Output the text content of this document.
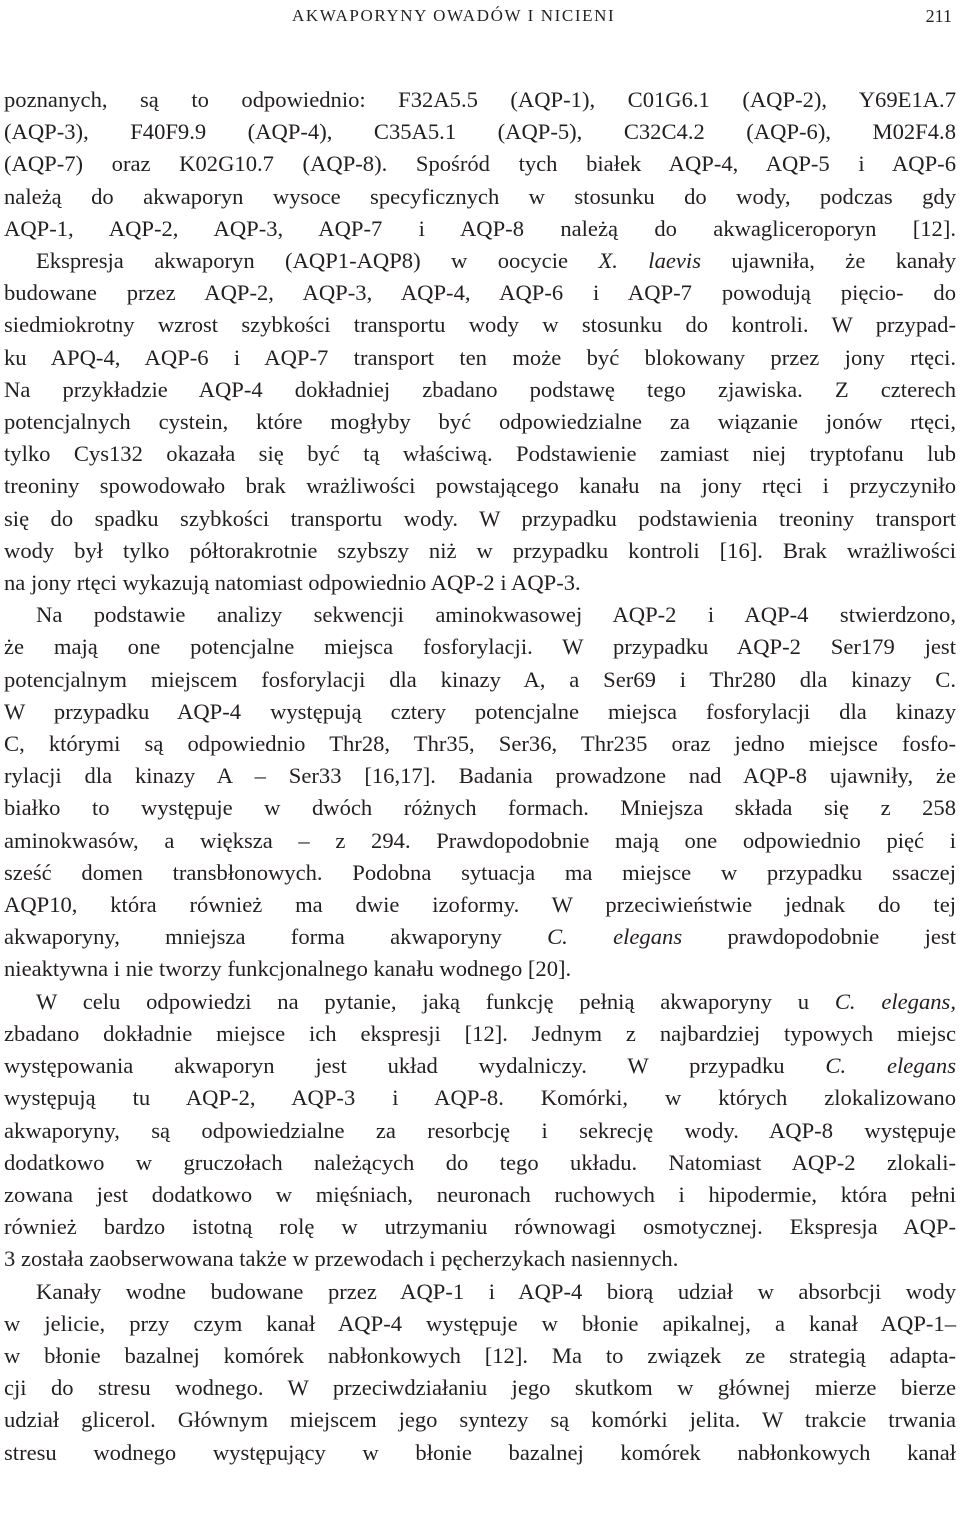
AKWAPORYNY OWADÓW I NICIENI	211

poznanych, są to odpowiednio: F32A5.5 (AQP-1), C01G6.1 (AQP-2), Y69E1A.7

(AQP-3), F40F9.9 (AQP-4), C35A5.1 (AQP-5), C32C4.2 (AQP-6), M02F4.8

(AQP-7) oraz K02G10.7 (AQP-8). Spośród tych białek AQP-4, AQP-5 i AQP-6

należą do akwaporyn wysoce specyficznych w stosunku do wody, podczas gdy

AQP-1, AQP-2, AQP-3, AQP-7 i AQP-8 należą do akwagliceroporyn [12].

Ekspresja akwaporyn (AQP1-AQP8) w oocycie X. laevis ujawniła, że kanały

budowane przez AQP-2, AQP-3, AQP-4, AQP-6 i AQP-7 powodują pięcio- do

siedmiokrotny wzrost szybkości transportu wody w stosunku do kontroli. W przypad-

ku APQ-4, AQP-6 i AQP-7 transport ten może być blokowany przez jony rtęci.

Na przykładzie AQP-4 dokładniej zbadano podstawę tego zjawiska. Z czterech

potencjalnych cystein, które mogłyby być odpowiedzialne za wiązanie jonów rtęci,

tylko Cys132 okazała się być tą właściwą. Podstawienie zamiast niej tryptofanu lub

treoniny spowodowało brak wrażliwości powstającego kanału na jony rtęci i przyczyniło

się do spadku szybkości transportu wody. W przypadku podstawienia treoniny transport

wody był tylko półtorakrotnie szybszy niż w przypadku kontroli [16]. Brak wrażliwości

na jony rtęci wykazują natomiast odpowiednio AQP-2 i AQP-3.

Na podstawie analizy sekwencji aminokwasowej AQP-2 i AQP-4 stwierdzono,

że mają one potencjalne miejsca fosforylacji. W przypadku AQP-2 Ser179 jest

potencjalnym miejscem fosforylacji dla kinazy A, a Ser69 i Thr280 dla kinazy C.

W przypadku AQP-4 występują cztery potencjalne miejsca fosforylacji dla kinazy

C, którymi są odpowiednio Thr28, Thr35, Ser36, Thr235 oraz jedno miejsce fosfo-

rylacji dla kinazy A – Ser33 [16,17]. Badania prowadzone nad AQP-8 ujawniły, że

białko to występuje w dwóch różnych formach. Mniejsza składa się z 258

aminokwasów, a większa – z 294. Prawdopodobnie mają one odpowiednio pięć i

sześć domen transbłonowych. Podobna sytuacja ma miejsce w przypadku ssaczej

AQP10, która również ma dwie izoformy. W przeciwieństwie jednak do tej

akwaporyny, mniejsza forma akwaporyny C. elegans prawdopodobnie jest

nieaktywna i nie tworzy funkcjonalnego kanału wodnego [20].

W celu odpowiedzi na pytanie, jaką funkcję pełnią akwaporyny u C. elegans,

zbadano dokładnie miejsce ich ekspresji [12]. Jednym z najbardziej typowych miejsc

występowania akwaporyn jest układ wydalniczy. W przypadku C. elegans

występują tu AQP-2, AQP-3 i AQP-8. Komórki, w których zlokalizowano

akwaporyny, są odpowiedzialne za resorbcję i sekrecję wody. AQP-8 występuje

dodatkowo w gruczołach należących do tego układu. Natomiast AQP-2 zlokali-

zowana jest dodatkowo w mięśniach, neuronach ruchowych i hipodermie, która pełni

również bardzo istotną rolę w utrzymaniu równowagi osmotycznej. Ekspresja AQP-

3 została zaobserwowana także w przewodach i pęcherzykach nasiennych.

Kanały wodne budowane przez AQP-1 i AQP-4 biorą udział w absorbcji wody

w jelicie, przy czym kanał AQP-4 występuje w błonie apikalnej, a kanał AQP-1–

w błonie bazalnej komórek nabłonkowych [12]. Ma to związek ze strategią adapta-

cji do stresu wodnego. W przeciwdziałaniu jego skutkom w głównej mierze bierze

udział glicerol. Głównym miejscem jego syntezy są komórki jelita. W trakcie trwania

stresu wodnego występujący w błonie bazalnej komórek nabłonkowych kanał
